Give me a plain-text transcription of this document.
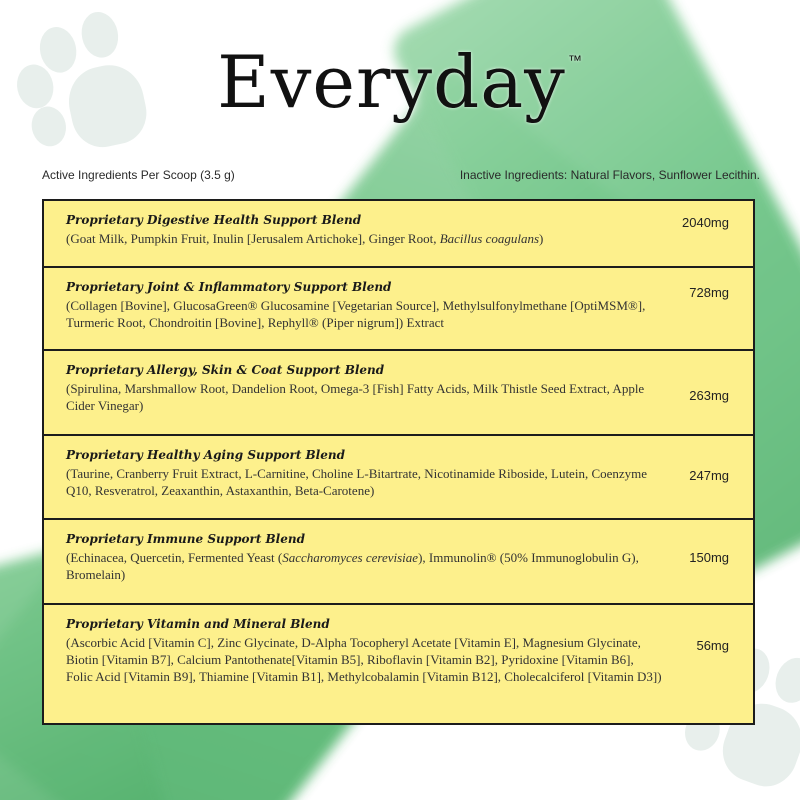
Everyday ™
Active Ingredients Per Scoop (3.5 g)	Inactive Ingredients: Natural Flavors, Sunflower Lecithin.
Proprietary Digestive Health Support Blend
(Goat Milk, Pumpkin Fruit, Inulin [Jerusalem Artichoke], Ginger Root, Bacillus coagulans)
2040mg
Proprietary Joint & Inflammatory Support Blend
(Collagen [Bovine], GlucosaGreen® Glucosamine [Vegetarian Source], Methylsulfonylmethane [OptiMSM®], Turmeric Root, Chondroitin [Bovine], Rephyll® (Piper nigrum]) Extract
728mg
Proprietary Allergy, Skin & Coat Support Blend
(Spirulina, Marshmallow Root, Dandelion Root, Omega-3 [Fish] Fatty Acids, Milk Thistle Seed Extract, Apple Cider Vinegar)
263mg
Proprietary Healthy Aging Support Blend
(Taurine, Cranberry Fruit Extract, L-Carnitine, Choline L-Bitartrate, Nicotinamide Riboside, Lutein, Coenzyme Q10, Resveratrol, Zeaxanthin, Astaxanthin, Beta-Carotene)
247mg
Proprietary Immune Support Blend
(Echinacea, Quercetin, Fermented Yeast (Saccharomyces cerevisiae), Immunolin® (50% Immunoglobulin G), Bromelain)
150mg
Proprietary Vitamin and Mineral Blend
(Ascorbic Acid [Vitamin C], Zinc Glycinate, D-Alpha Tocopheryl Acetate [Vitamin E], Magnesium Glycinate, Biotin [Vitamin B7], Calcium Pantothenate[Vitamin B5], Riboflavin [Vitamin B2], Pyridoxine [Vitamin B6], Folic Acid [Vitamin B9], Thiamine [Vitamin B1], Methylcobalamin [Vitamin B12], Cholecalciferol [Vitamin D3])
56mg
